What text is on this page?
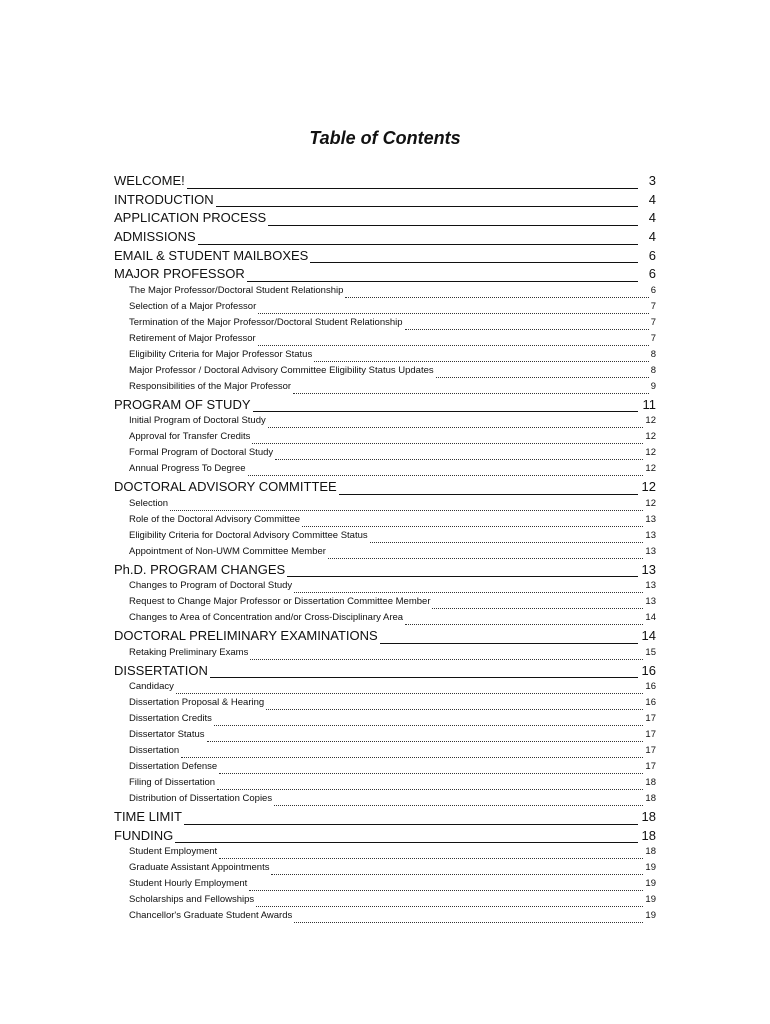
Table of Contents
WELCOME!	3
INTRODUCTION	4
APPLICATION PROCESS	4
ADMISSIONS	4
EMAIL & STUDENT MAILBOXES	6
MAJOR PROFESSOR	6
The Major Professor/Doctoral Student Relationship	6
Selection of a Major Professor	7
Termination of the Major Professor/Doctoral Student Relationship	7
Retirement of Major Professor	7
Eligibility Criteria for Major Professor Status	8
Major Professor / Doctoral Advisory Committee Eligibility Status Updates	8
Responsibilities of the Major Professor	9
PROGRAM OF STUDY	11
Initial Program of Doctoral Study	12
Approval for Transfer Credits	12
Formal Program of Doctoral Study	12
Annual Progress To Degree	12
DOCTORAL ADVISORY COMMITTEE	12
Selection	12
Role of the Doctoral Advisory Committee	13
Eligibility Criteria for Doctoral Advisory Committee Status	13
Appointment of Non-UWM Committee Member	13
Ph.D. PROGRAM CHANGES	13
Changes to Program of Doctoral Study	13
Request to Change Major Professor or Dissertation Committee Member	13
Changes to Area of Concentration and/or Cross-Disciplinary Area	14
DOCTORAL PRELIMINARY EXAMINATIONS	14
Retaking Preliminary Exams	15
DISSERTATION	16
Candidacy	16
Dissertation Proposal & Hearing	16
Dissertation Credits	17
Dissertator Status	17
Dissertation	17
Dissertation Defense	17
Filing of Dissertation	18
Distribution of Dissertation Copies	18
TIME LIMIT	18
FUNDING	18
Student Employment	18
Graduate Assistant Appointments	19
Student Hourly Employment	19
Scholarships and Fellowships	19
Chancellor's Graduate Student Awards	19
